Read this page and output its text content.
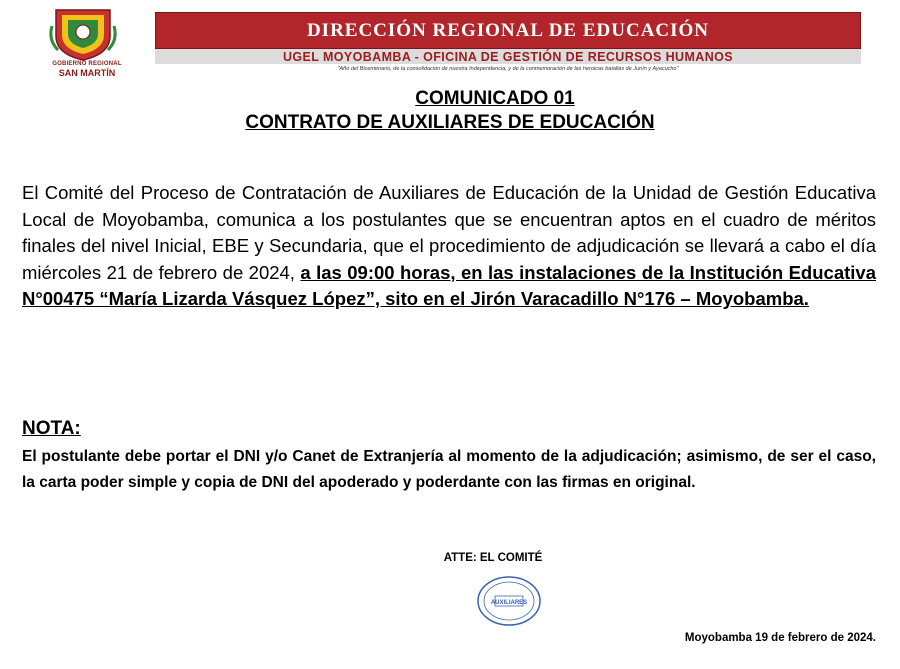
GOBIERNO REGIONAL
SAN MARTÍN
DIRECCIÓN REGIONAL DE EDUCACIÓN
UGEL MOYOBAMBA - OFICINA DE GESTIÓN DE RECURSOS HUMANOS
"Año del Bicentenario, de la consolidación de nuestra Independencia, y de la conmemoración de las heroicas batallas de Junín y Ayacucho"
COMUNICADO 01
CONTRATO DE AUXILIARES DE EDUCACIÓN
El Comité del Proceso de Contratación de Auxiliares de Educación de la Unidad de Gestión Educativa Local de Moyobamba, comunica a los postulantes que se encuentran aptos en el cuadro de méritos finales del nivel Inicial, EBE y Secundaria, que el procedimiento de adjudicación se llevará a cabo el día miércoles 21 de febrero de 2024, a las 09:00 horas, en las instalaciones de la Institución Educativa N°00475 “María Lizarda Vásquez López”, sito en el Jirón Varacadillo N°176 – Moyobamba.
NOTA:
El postulante debe portar el DNI y/o Canet de Extranjería al momento de la adjudicación; asimismo, de ser el caso, la carta poder simple y copia de DNI del apoderado y poderdante con las firmas en original.
ATTE: EL COMITÉ
AUXILIARES
Moyobamba 19 de febrero de 2024.
